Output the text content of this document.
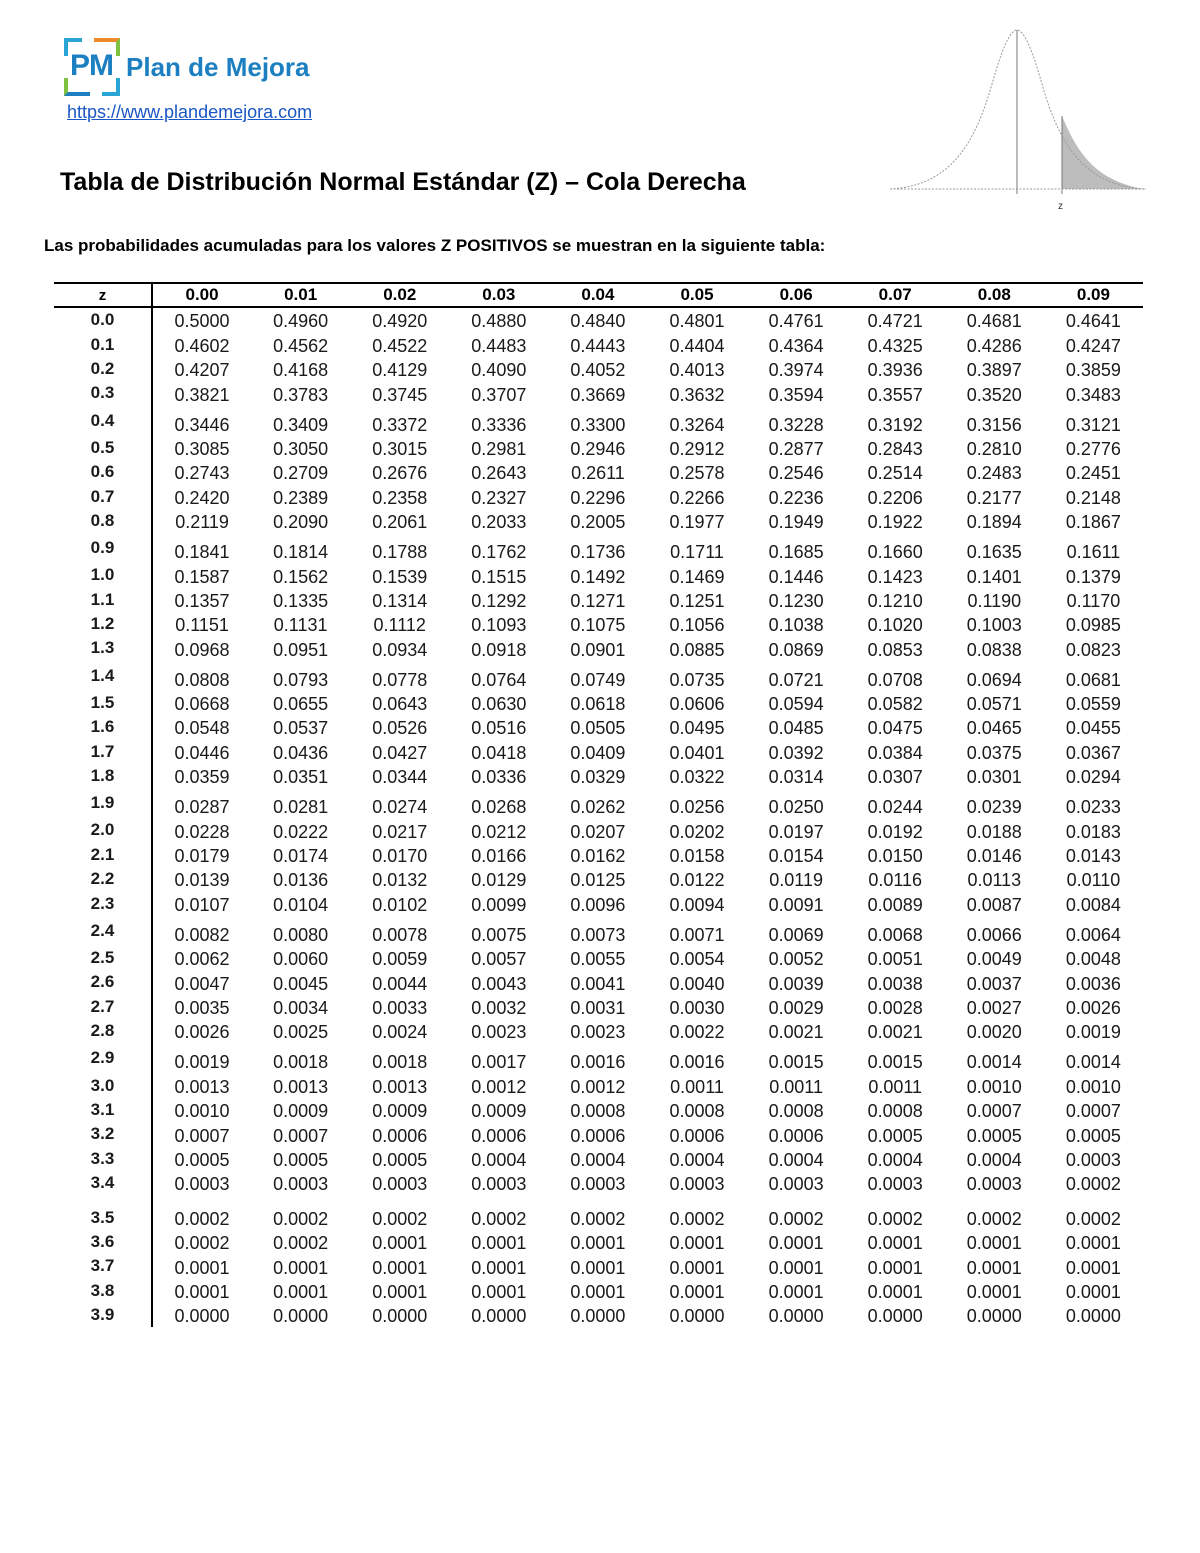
PM Plan de Mejora
https://www.plandemejora.com
Tabla de Distribución Normal Estándar (Z) – Cola Derecha
z
Las probabilidades acumuladas para los valores Z POSITIVOS se muestran en la siguiente tabla:
z	0.00	0.01	0.02	0.03	0.04	0.05	0.06	0.07	0.08	0.09
0.0	0.5000	0.4960	0.4920	0.4880	0.4840	0.4801	0.4761	0.4721	0.4681	0.4641
0.1	0.4602	0.4562	0.4522	0.4483	0.4443	0.4404	0.4364	0.4325	0.4286	0.4247
0.2	0.4207	0.4168	0.4129	0.4090	0.4052	0.4013	0.3974	0.3936	0.3897	0.3859
0.3	0.3821	0.3783	0.3745	0.3707	0.3669	0.3632	0.3594	0.3557	0.3520	0.3483
0.4	0.3446	0.3409	0.3372	0.3336	0.3300	0.3264	0.3228	0.3192	0.3156	0.3121
0.5	0.3085	0.3050	0.3015	0.2981	0.2946	0.2912	0.2877	0.2843	0.2810	0.2776
0.6	0.2743	0.2709	0.2676	0.2643	0.2611	0.2578	0.2546	0.2514	0.2483	0.2451
0.7	0.2420	0.2389	0.2358	0.2327	0.2296	0.2266	0.2236	0.2206	0.2177	0.2148
0.8	0.2119	0.2090	0.2061	0.2033	0.2005	0.1977	0.1949	0.1922	0.1894	0.1867
0.9	0.1841	0.1814	0.1788	0.1762	0.1736	0.1711	0.1685	0.1660	0.1635	0.1611
1.0	0.1587	0.1562	0.1539	0.1515	0.1492	0.1469	0.1446	0.1423	0.1401	0.1379
1.1	0.1357	0.1335	0.1314	0.1292	0.1271	0.1251	0.1230	0.1210	0.1190	0.1170
1.2	0.1151	0.1131	0.1112	0.1093	0.1075	0.1056	0.1038	0.1020	0.1003	0.0985
1.3	0.0968	0.0951	0.0934	0.0918	0.0901	0.0885	0.0869	0.0853	0.0838	0.0823
1.4	0.0808	0.0793	0.0778	0.0764	0.0749	0.0735	0.0721	0.0708	0.0694	0.0681
1.5	0.0668	0.0655	0.0643	0.0630	0.0618	0.0606	0.0594	0.0582	0.0571	0.0559
1.6	0.0548	0.0537	0.0526	0.0516	0.0505	0.0495	0.0485	0.0475	0.0465	0.0455
1.7	0.0446	0.0436	0.0427	0.0418	0.0409	0.0401	0.0392	0.0384	0.0375	0.0367
1.8	0.0359	0.0351	0.0344	0.0336	0.0329	0.0322	0.0314	0.0307	0.0301	0.0294
1.9	0.0287	0.0281	0.0274	0.0268	0.0262	0.0256	0.0250	0.0244	0.0239	0.0233
2.0	0.0228	0.0222	0.0217	0.0212	0.0207	0.0202	0.0197	0.0192	0.0188	0.0183
2.1	0.0179	0.0174	0.0170	0.0166	0.0162	0.0158	0.0154	0.0150	0.0146	0.0143
2.2	0.0139	0.0136	0.0132	0.0129	0.0125	0.0122	0.0119	0.0116	0.0113	0.0110
2.3	0.0107	0.0104	0.0102	0.0099	0.0096	0.0094	0.0091	0.0089	0.0087	0.0084
2.4	0.0082	0.0080	0.0078	0.0075	0.0073	0.0071	0.0069	0.0068	0.0066	0.0064
2.5	0.0062	0.0060	0.0059	0.0057	0.0055	0.0054	0.0052	0.0051	0.0049	0.0048
2.6	0.0047	0.0045	0.0044	0.0043	0.0041	0.0040	0.0039	0.0038	0.0037	0.0036
2.7	0.0035	0.0034	0.0033	0.0032	0.0031	0.0030	0.0029	0.0028	0.0027	0.0026
2.8	0.0026	0.0025	0.0024	0.0023	0.0023	0.0022	0.0021	0.0021	0.0020	0.0019
2.9	0.0019	0.0018	0.0018	0.0017	0.0016	0.0016	0.0015	0.0015	0.0014	0.0014
3.0	0.0013	0.0013	0.0013	0.0012	0.0012	0.0011	0.0011	0.0011	0.0010	0.0010
3.1	0.0010	0.0009	0.0009	0.0009	0.0008	0.0008	0.0008	0.0008	0.0007	0.0007
3.2	0.0007	0.0007	0.0006	0.0006	0.0006	0.0006	0.0006	0.0005	0.0005	0.0005
3.3	0.0005	0.0005	0.0005	0.0004	0.0004	0.0004	0.0004	0.0004	0.0004	0.0003
3.4	0.0003	0.0003	0.0003	0.0003	0.0003	0.0003	0.0003	0.0003	0.0003	0.0002

3.5	0.0002	0.0002	0.0002	0.0002	0.0002	0.0002	0.0002	0.0002	0.0002	0.0002
3.6	0.0002	0.0002	0.0001	0.0001	0.0001	0.0001	0.0001	0.0001	0.0001	0.0001
3.7	0.0001	0.0001	0.0001	0.0001	0.0001	0.0001	0.0001	0.0001	0.0001	0.0001
3.8	0.0001	0.0001	0.0001	0.0001	0.0001	0.0001	0.0001	0.0001	0.0001	0.0001
3.9	0.0000	0.0000	0.0000	0.0000	0.0000	0.0000	0.0000	0.0000	0.0000	0.0000
